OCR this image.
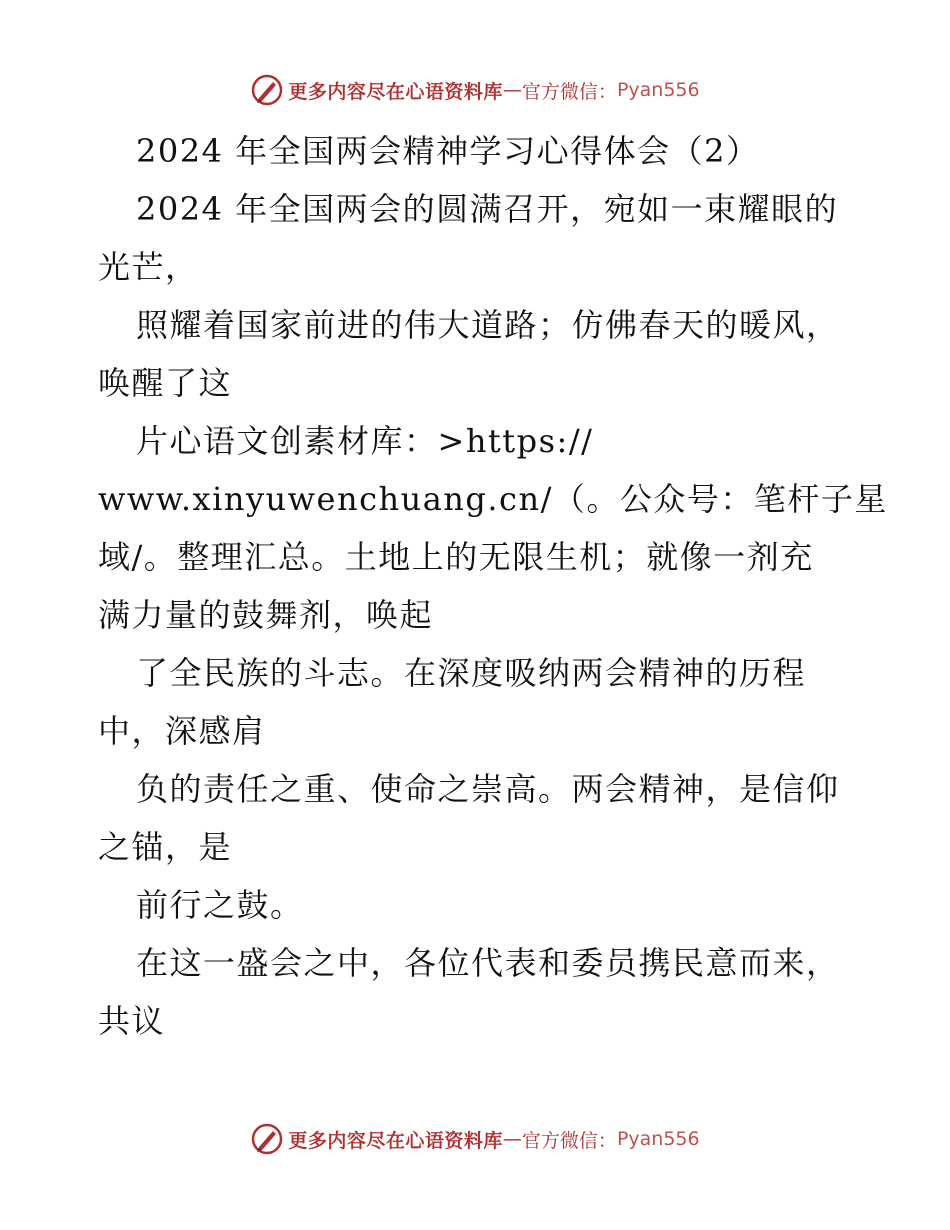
更多内容尽在心语资料库 — 官方微信： Pyan556

2024 年全国两会精神学习心得体会（2）

2024 年全国两会的圆满召开，宛如一束耀眼的

光芒，

照耀着国家前进的伟大道路；仿佛春天的暖风，

唤醒了这

片心语文创素材库：>https://

www.xinyuwenchuang.cn/（。公众号：笔杆子星

域/。整理汇总。土地上的无限生机；就像一剂充

满力量的鼓舞剂，唤起

了全民族的斗志。在深度吸纳两会精神的历程

中，深感肩

负的责任之重、使命之崇高。两会精神，是信仰

之锚，是

前行之鼓。

在这一盛会之中，各位代表和委员携民意而来，

共议

更多内容尽在心语资料库 — 官方微信： Pyan556
